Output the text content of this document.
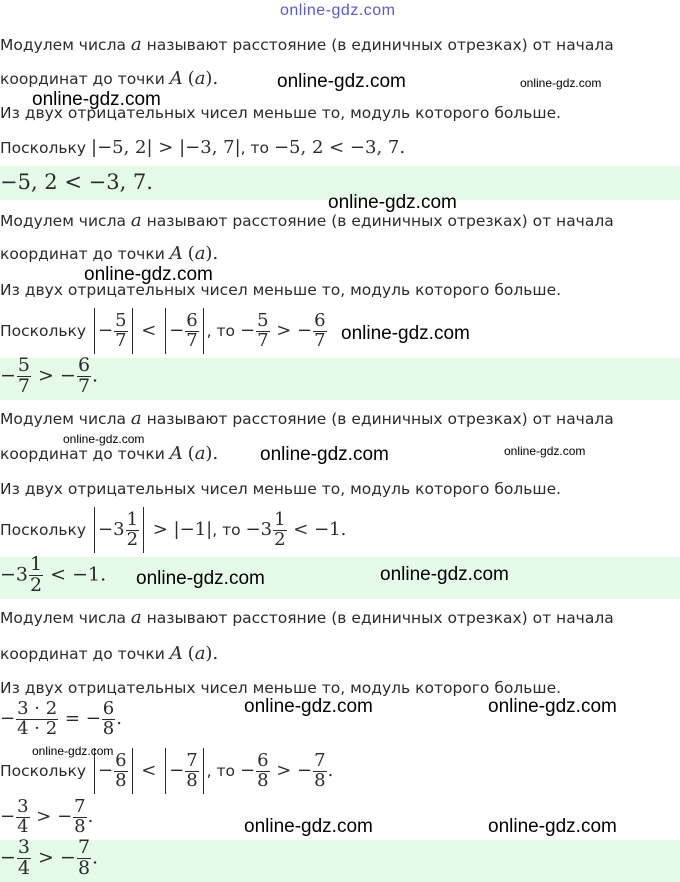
online-gdz.com
Модулем числа a называют расстояние (в единичных отрезках) от начала
координат до точки A (a).
Из двух отрицательных чисел меньше то, модуль которого больше.
Поскольку |−5, 2| > |−3, 7|, то −5, 2 < −3, 7.
−5, 2 < −3, 7.
Модулем числа a называют расстояние (в единичных отрезках) от начала
координат до точки A (a).
Из двух отрицательных чисел меньше то, модуль которого больше.
Поскольку − $\frac{5}{7}$ < − $\frac{6}{7}$ , то − $\frac{5}{7}$ > − $\frac{6}{7}$
− $\frac{5}{7}$ > − $\frac{6}{7}$ .
Модулем числа a называют расстояние (в единичных отрезках) от начала
координат до точки A (a).
Из двух отрицательных чисел меньше то, модуль которого больше.
Поскольку $-3 \frac{1}{2} > |-1|$, то $-3 \frac{1}{2} < -1$.
$-3 \frac{1}{2} < -1$.
Модулем числа a называют расстояние (в единичных отрезках) от начала
координат до точки A (a).
Из двух отрицательных чисел меньше то, модуль которого больше.
− $\frac{3 \cdot 2}{4 \cdot 2}$ = − $\frac{6}{8}$ .
Поскольку − $\frac{6}{8}$ < − $\frac{7}{8}$ , то − $\frac{6}{8}$ > − $\frac{7}{8}$ .
− $\frac{3}{4}$ > − $\frac{7}{8}$ .
− $\frac{3}{4}$ > − $\frac{7}{8}$ .
online-gdz.com	online-gdz.com
online-gdz.com
online-gdz.com
online-gdz.com
online-gdz.com
online-gdz.com
online-gdz.com	online-gdz.com
online-gdz.com	online-gdz.com
online-gdz.com	online-gdz.com
online-gdz.com
online-gdz.com	online-gdz.com
